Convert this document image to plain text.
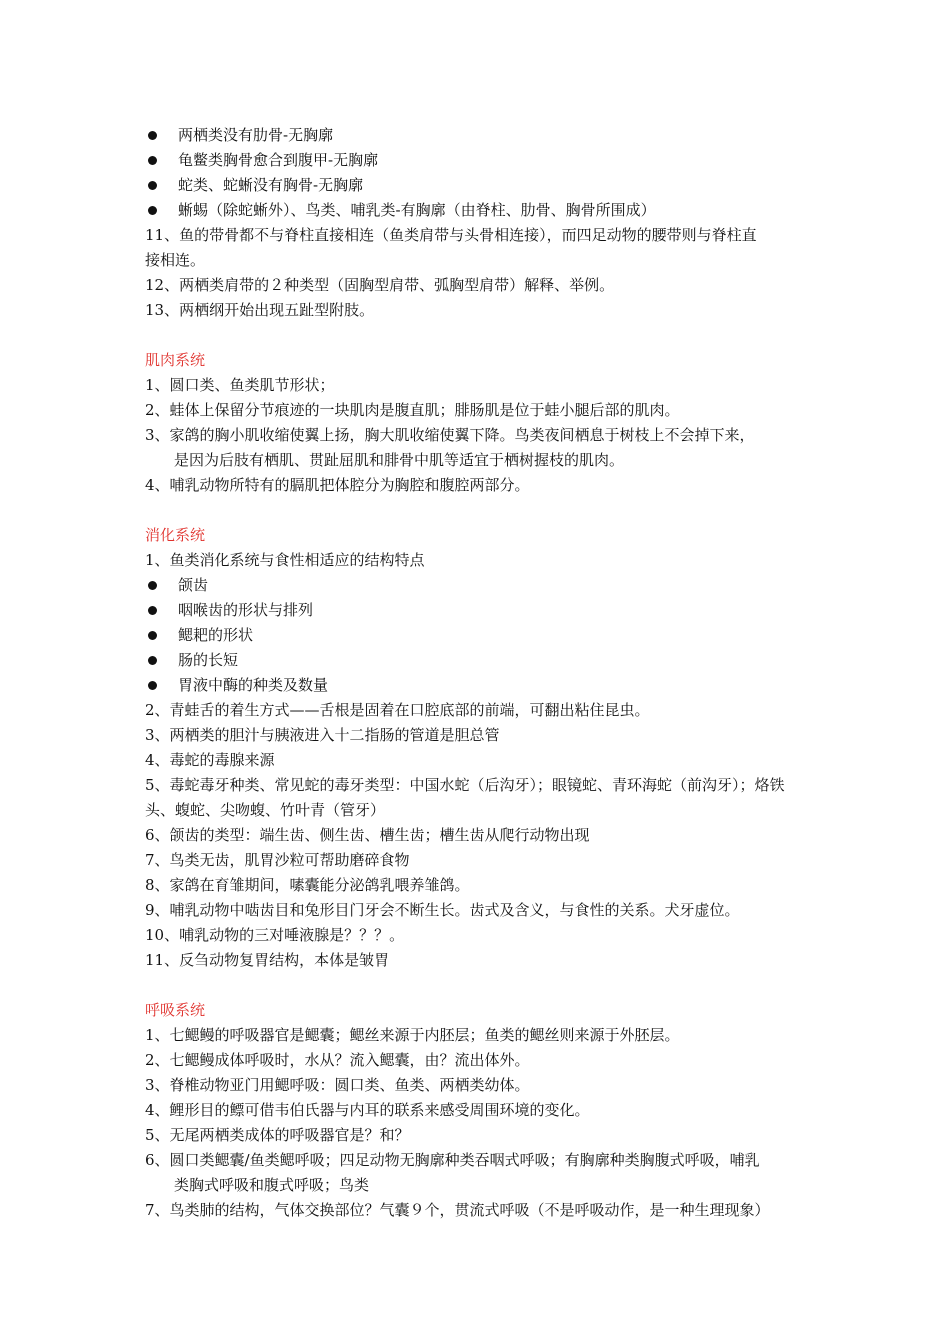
两栖类没有肋骨-无胸廓
龟鳖类胸骨愈合到腹甲-无胸廓
蛇类、蛇蜥没有胸骨-无胸廓
蜥蜴（除蛇蜥外）、鸟类、哺乳类-有胸廓（由脊柱、肋骨、胸骨所围成）
11、鱼的带骨都不与脊柱直接相连（鱼类肩带与头骨相连接），而四足动物的腰带则与脊柱直
接相连。
12、两栖类肩带的２种类型（固胸型肩带、弧胸型肩带）解释、举例。
13、两栖纲开始出现五趾型附肢。
肌肉系统
1、圆口类、鱼类肌节形状；
2、蛙体上保留分节痕迹的一块肌肉是腹直肌；腓肠肌是位于蛙小腿后部的肌肉。
3、家鸽的胸小肌收缩使翼上扬，胸大肌收缩使翼下降。鸟类夜间栖息于树枝上不会掉下来，
是因为后肢有栖肌、贯趾屈肌和腓骨中肌等适宜于栖树握枝的肌肉。
4、哺乳动物所特有的膈肌把体腔分为胸腔和腹腔两部分。
消化系统
1、鱼类消化系统与食性相适应的结构特点
颌齿
咽喉齿的形状与排列
鳃耙的形状
肠的长短
胃液中酶的种类及数量
2、青蛙舌的着生方式——舌根是固着在口腔底部的前端，可翻出粘住昆虫。
3、两栖类的胆汁与胰液进入十二指肠的管道是胆总管
4、毒蛇的毒腺来源
5、毒蛇毒牙种类、常见蛇的毒牙类型：中国水蛇（后沟牙）；眼镜蛇、青环海蛇（前沟牙）；烙铁
头、蝮蛇、尖吻蝮、竹叶青（管牙）
6、颌齿的类型：端生齿、侧生齿、槽生齿；槽生齿从爬行动物出现
7、鸟类无齿，肌胃沙粒可帮助磨碎食物
8、家鸽在育雏期间，嗉囊能分泌鸽乳喂养雏鸽。
9、哺乳动物中啮齿目和兔形目门牙会不断生长。齿式及含义，与食性的关系。犬牙虚位。
10、哺乳动物的三对唾液腺是？？？。
11、反刍动物复胃结构，本体是皱胃
呼吸系统
1、七鳃鳗的呼吸器官是鳃囊；鳃丝来源于内胚层；鱼类的鳃丝则来源于外胚层。
2、七鳃鳗成体呼吸时，水从？流入鳃囊，由？流出体外。
3、脊椎动物亚门用鳃呼吸：圆口类、鱼类、两栖类幼体。
4、鲤形目的鳔可借韦伯氏器与内耳的联系来感受周围环境的变化。
5、无尾两栖类成体的呼吸器官是？和？
6、圆口类鳃囊/鱼类鳃呼吸；四足动物无胸廓种类吞咽式呼吸；有胸廓种类胸腹式呼吸，哺乳
类胸式呼吸和腹式呼吸；鸟类
7、鸟类肺的结构，气体交换部位？气囊９个，贯流式呼吸（不是呼吸动作，是一种生理现象）
